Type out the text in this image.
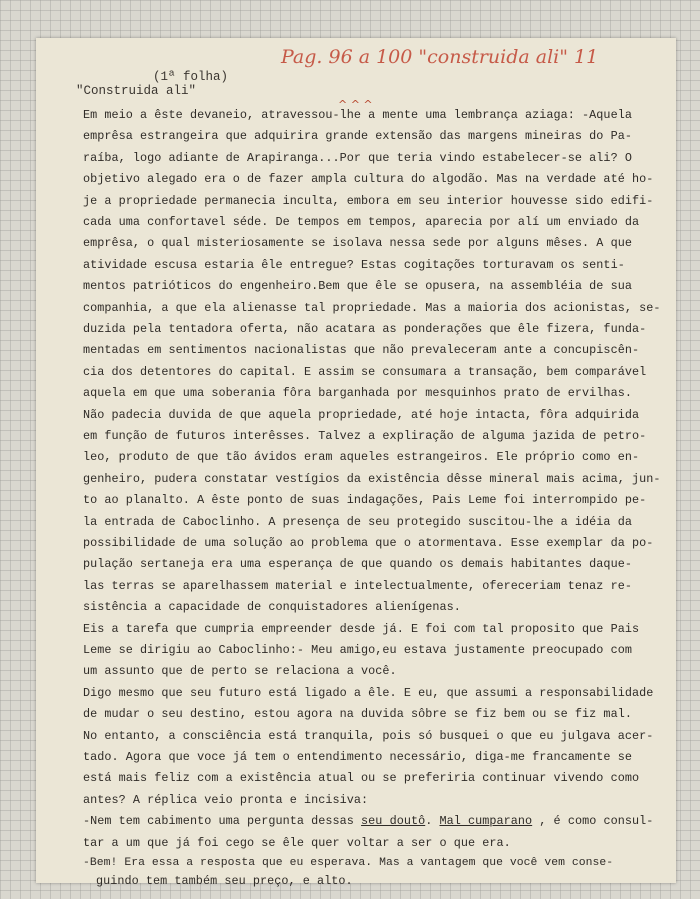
Pag. 96 a 100 "construida ali" 11
(1ª folha)
"Construida ali"
^ ^ ^
Em meio a êste devaneio, atravessou-lhe a mente uma lembrança aziaga: -Aquela
emprêsa estrangeira que adquirira grande extensão das margens mineiras do Pa-
raíba, logo adiante de Arapiranga...Por que teria vindo estabelecer-se ali? O
objetivo alegado era o de fazer ampla cultura do algodão. Mas na verdade até ho-
je a propriedade permanecia inculta, embora em seu interior houvesse sido edifi-
cada uma confortavel séde. De tempos em tempos, aparecia por alí um enviado da
emprêsa, o qual misteriosamente se isolava nessa sede por alguns mêses. A que
atividade escusa estaria êle entregue? Estas cogitações torturavam os senti-
mentos patrióticos do engenheiro.Bem que êle se opusera, na assembléia de sua
companhia, a que ela alienasse tal propriedade. Mas a maioria dos acionistas, se-
duzida pela tentadora oferta, não acatara as ponderações que êle fizera, funda-
mentadas em sentimentos nacionalistas que não prevaleceram ante a concupiscên-
cia dos detentores do capital. E assim se consumara a transação, bem comparável
aquela em que uma soberania fôra barganhada por mesquinhos prato de ervilhas.
Não padecia duvida de que aquela propriedade, até hoje intacta, fôra adquirida
em função de futuros interêsses. Talvez a expliração de alguma jazida de petro-
leo, produto de que tão ávidos eram aqueles estrangeiros. Ele próprio como en-
genheiro, pudera constatar vestígios da existência dêsse mineral mais acima, jun-
to ao planalto. A êste ponto de suas indagações, Pais Leme foi interrompido pe-
la entrada de Caboclinho. A presença de seu protegido suscitou-lhe a idéia da
possibilidade de uma solução ao problema que o atormentava. Esse exemplar da po-
pulação sertaneja era uma esperança de que quando os demais habitantes daque-
las terras se aparelhassem material e intelectualmente, ofereceriam tenaz re-
sistência a capacidade de conquistadores alienígenas.
Eis a tarefa que cumpria empreender desde já. E foi com tal proposito que Pais
Leme se dirigiu ao Caboclinho:- Meu amigo,eu estava justamente preocupado com
um assunto que de perto se relaciona a você.
Digo mesmo que seu futuro está ligado a êle. E eu, que assumi a responsabilidade
de mudar o seu destino, estou agora na duvida sôbre se fiz bem ou se fiz mal.
No entanto, a consciência está tranquila, pois só busquei o que eu julgava acer-
tado. Agora que voce já tem o entendimento necessário, diga-me francamente se
está mais feliz com a existência atual ou se preferiria continuar vivendo como
antes? A réplica veio pronta e incisiva:
-Nem tem cabimento uma pergunta dessas seu doutô. Mal cumparano , é como consul-
tar a um que já foi cego se êle quer voltar a ser o que era.
-Bem! Era essa a resposta que eu esperava. Mas a vantagem que você vem conse-
guindo tem também seu preço, e alto.
